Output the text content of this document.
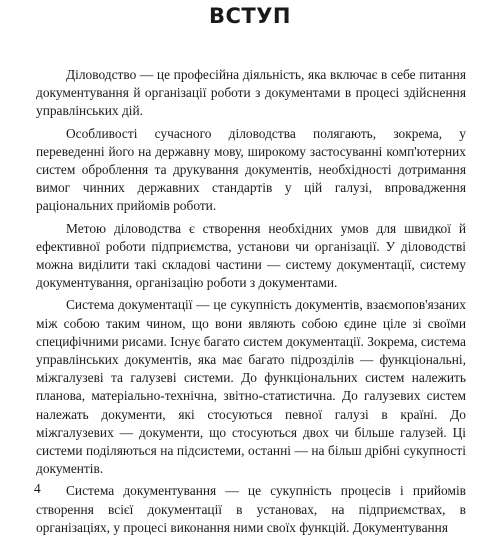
ВСТУП

Діловодство — це професійна діяльність, яка включає в себе питання документування й організації роботи з документами в процесі здійснення управлінських дій.

Особливості сучасного діловодства полягають, зокрема, у переведенні його на державну мову, широкому застосуванні комп'ютерних систем оброблення та друкування документів, необхідності дотримання вимог чинних державних стандартів у цій галузі, впровадження раціональних прийомів роботи.

Метою діловодства є створення необхідних умов для швидкої й ефективної роботи підприємства, установи чи організації. У діловодстві можна виділити такі складові частини — систему документації, систему документування, організацію роботи з документами.

Система документації — це сукупність документів, взаємопов'язаних між собою таким чином, що вони являють собою єдине ціле зі своїми специфічними рисами. Існує багато систем документації. Зокрема, система управлінських документів, яка має багато підрозділів — функціональні, міжгалузеві та галузеві системи. До функціональних систем належить планова, матеріально-технічна, звітно-статистична. До галузевих систем належать документи, які стосуються певної галузі в країні. До міжгалузевих — документи, що стосуються двох чи більше галузей. Ці системи поділяються на підсистеми, останні — на більш дрібні сукупності документів.

Система документування — це сукупність процесів і прийомів створення всієї документації в установах, на підприємствах, в організаціях, у процесі виконання ними своїх функцій. Документування

4
